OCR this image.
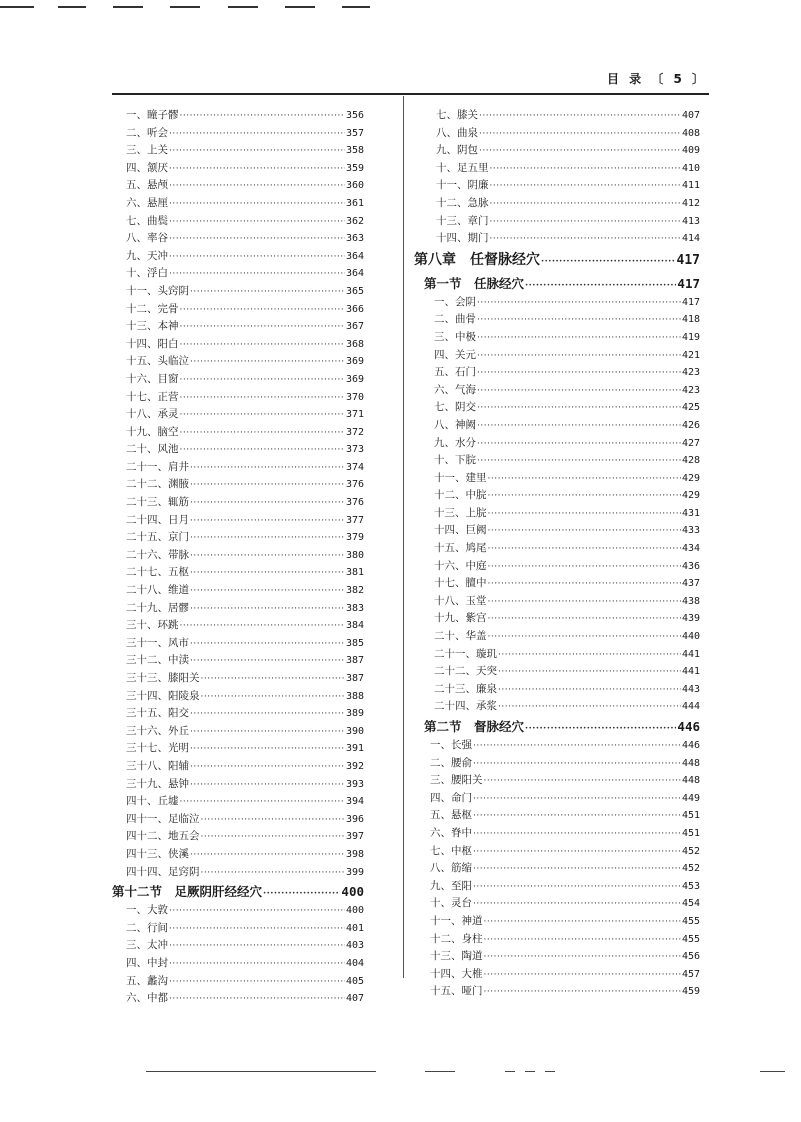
目 录 〔 5 〕
一、瞳子髎 ·····	356
二、听会 ·····	357
三、上关 ·····	358
四、颔厌 ·····	359
五、悬颅 ·····	360
六、悬厘 ·····	361
七、曲鬓 ·····	362
八、率谷 ·····	363
九、天冲 ·····	364
十、浮白 ·····	364
十一、头窍阴 ·····	365
十二、完骨 ·····	366
十三、本神 ·····	367
十四、阳白 ·····	368
十五、头临泣 ·····	369
十六、目窗 ·····	369
十七、正营 ·····	370
十八、承灵 ·····	371
十九、脑空 ·····	372
二十、风池 ·····	373
二十一、肩井 ·····	374
二十二、渊腋 ·····	376
二十三、辄筋 ·····	376
二十四、日月 ·····	377
二十五、京门 ·····	379
二十六、带脉 ·····	380
二十七、五枢 ·····	381
二十八、维道 ·····	382
二十九、居髎 ·····	383
三十、环跳 ·····	384
三十一、风市 ·····	385
三十二、中渎 ·····	387
三十三、膝阳关 ·····	387
三十四、阳陵泉 ·····	388
三十五、阳交 ·····	389
三十六、外丘 ·····	390
三十七、光明 ·····	391
三十八、阳辅 ·····	392
三十九、悬钟 ·····	393
四十、丘墟 ·····	394
四十一、足临泣 ·····	396
四十二、地五会 ·····	397
四十三、侠溪 ·····	398
四十四、足窍阴 ·····	399
第十二节　足厥阴肝经经穴 ·····	400
一、大敦 ·····	400
二、行间 ·····	401
三、太冲 ·····	403
四、中封 ·····	404
五、蠡沟 ·····	405
六、中都 ·····	407
七、膝关 ·····	407
八、曲泉 ·····	408
九、阴包 ·····	409
十、足五里 ·····	410
十一、阴廉 ·····	411
十二、急脉 ·····	412
十三、章门 ·····	413
十四、期门 ·····	414
第八章　任督脉经穴 ·····	417
第一节　任脉经穴 ·····	417
一、会阴 ·····	417
二、曲骨 ·····	418
三、中极 ·····	419
四、关元 ·····	421
五、石门 ·····	423
六、气海 ·····	423
七、阴交 ·····	425
八、神阙 ·····	426
九、水分 ·····	427
十、下脘 ·····	428
十一、建里 ·····	429
十二、中脘 ·····	429
十三、上脘 ·····	431
十四、巨阙 ·····	433
十五、鸠尾 ·····	434
十六、中庭 ·····	436
十七、膻中 ·····	437
十八、玉堂 ·····	438
十九、紫宫 ·····	439
二十、华盖 ·····	440
二十一、璇玑 ·····	441
二十二、天突 ·····	441
二十三、廉泉 ·····	443
二十四、承浆 ·····	444
第二节　督脉经穴 ·····	446
一、长强 ·····	446
二、腰俞 ·····	448
三、腰阳关 ·····	448
四、命门 ·····	449
五、悬枢 ·····	451
六、脊中 ·····	451
七、中枢 ·····	452
八、筋缩 ·····	452
九、至阳 ·····	453
十、灵台 ·····	454
十一、神道 ·····	455
十二、身柱 ·····	455
十三、陶道 ·····	456
十四、大椎 ·····	457
十五、哑门 ·····	459
